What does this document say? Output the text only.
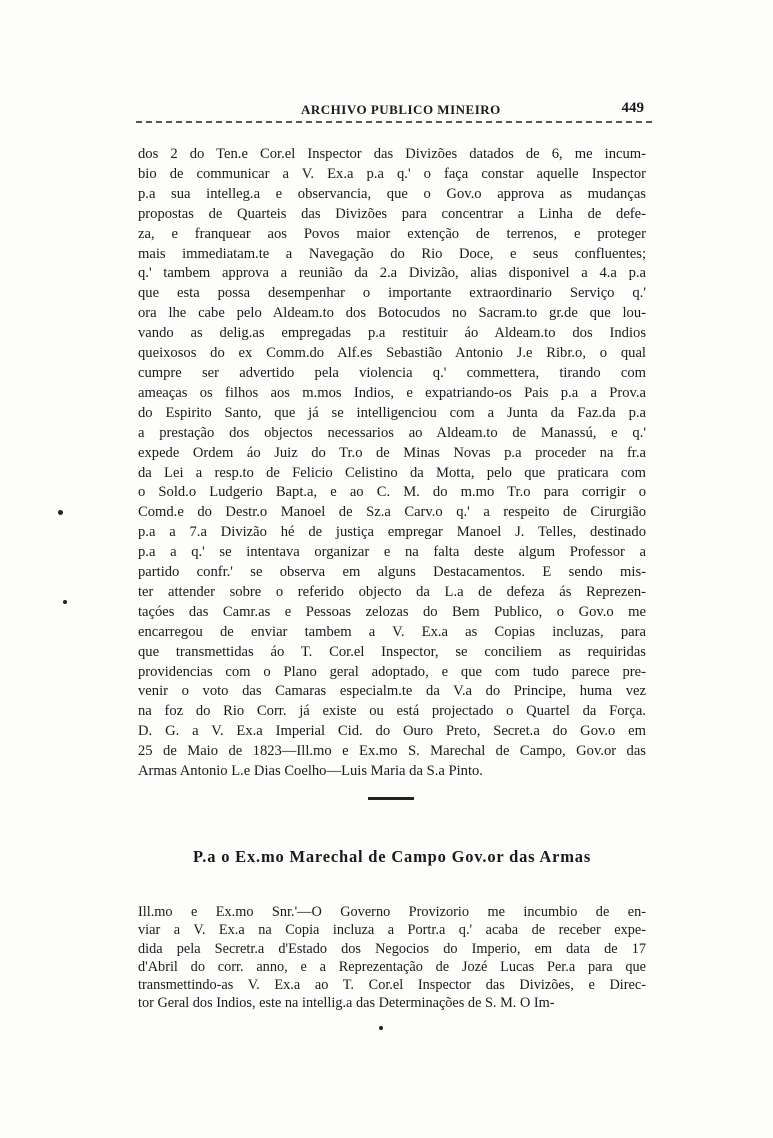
ARCHIVO PUBLICO MINEIRO	449
dos 2 do Ten.e Cor.el Inspector das Divizões datados de 6, me incum-
bio de communicar a V. Ex.a p.a q.' o faça constar aquelle Inspector
p.a sua intelleg.a e observancia, que o Gov.o approva as mudanças
propostas de Quarteis das Divizões para concentrar a Linha de defe-
za, e franquear aos Povos maior extenção de terrenos, e proteger
mais immediatam.te a Navegação do Rio Doce, e seus confluentes;
q.' tambem approva a reunião da 2.a Divizão, alias disponivel a 4.a p.a
que esta possa desempenhar o importante extraordinario Serviço q.'
ora lhe cabe pelo Aldeam.to dos Botocudos no Sacram.to gr.de que lou-
vando as delig.as empregadas p.a restituir áo Aldeam.to dos Indios
queixosos do ex Comm.do Alf.es Sebastião Antonio J.e Ribr.o, o qual
cumpre ser advertido pela violencia q.' commettera, tirando com
ameaças os filhos aos m.mos Indios, e expatriando-os Pais p.a a Prov.a
do Espirito Santo, que já se intelligenciou com a Junta da Faz.da p.a
a prestação dos objectos necessarios ao Aldeam.to de Manassú, e q.'
expede Ordem áo Juiz do Tr.o de Minas Novas p.a proceder na fr.a
da Lei a resp.to de Felicio Celistino da Motta, pelo que praticara com
o Sold.o Ludgerio Bapt.a, e ao C. M. do m.mo Tr.o para corrigir o
Comd.e do Destr.o Manoel de Sz.a Carv.o q.' a respeito de Cirurgião
p.a a 7.a Divizão hé de justiça empregar Manoel J. Telles, destinado
p.a a q.' se intentava organizar e na falta deste algum Professor a
partido confr.' se observa em alguns Destacamentos. E sendo mis-
ter attender sobre o referido objecto da L.a de defeza ás Reprezen-
taçóes das Camr.as e Pessoas zelozas do Bem Publico, o Gov.o me
encarregou de enviar tambem a V. Ex.a as Copias incluzas, para
que transmettidas áo T. Cor.el Inspector, se conciliem as requiridas
providencias com o Plano geral adoptado, e que com tudo parece pre-
venir o voto das Camaras especialm.te da V.a do Principe, huma vez
na foz do Rio Corr. já existe ou está projectado o Quartel da Força.
D. G. a V. Ex.a Imperial Cid. do Ouro Preto, Secret.a do Gov.o em
25 de Maio de 1823—Ill.mo e Ex.mo S. Marechal de Campo, Gov.or das
Armas Antonio L.e Dias Coelho—Luis Maria da S.a Pinto.
P.a o Ex.mo Marechal de Campo Gov.or das Armas
Ill.mo e Ex.mo Snr.'—O Governo Provizorio me incumbio de en-
viar a V. Ex.a na Copia incluza a Portr.a q.' acaba de receber expe-
dida pela Secretr.a d'Estado dos Negocios do Imperio, em data de 17
d'Abril do corr. anno, e a Reprezentação de Jozé Lucas Per.a para que
transmettindo-as V. Ex.a ao T. Cor.el Inspector das Divizões, e Direc-
tor Geral dos Indios, este na intellig.a das Determinações de S. M. O Im-
